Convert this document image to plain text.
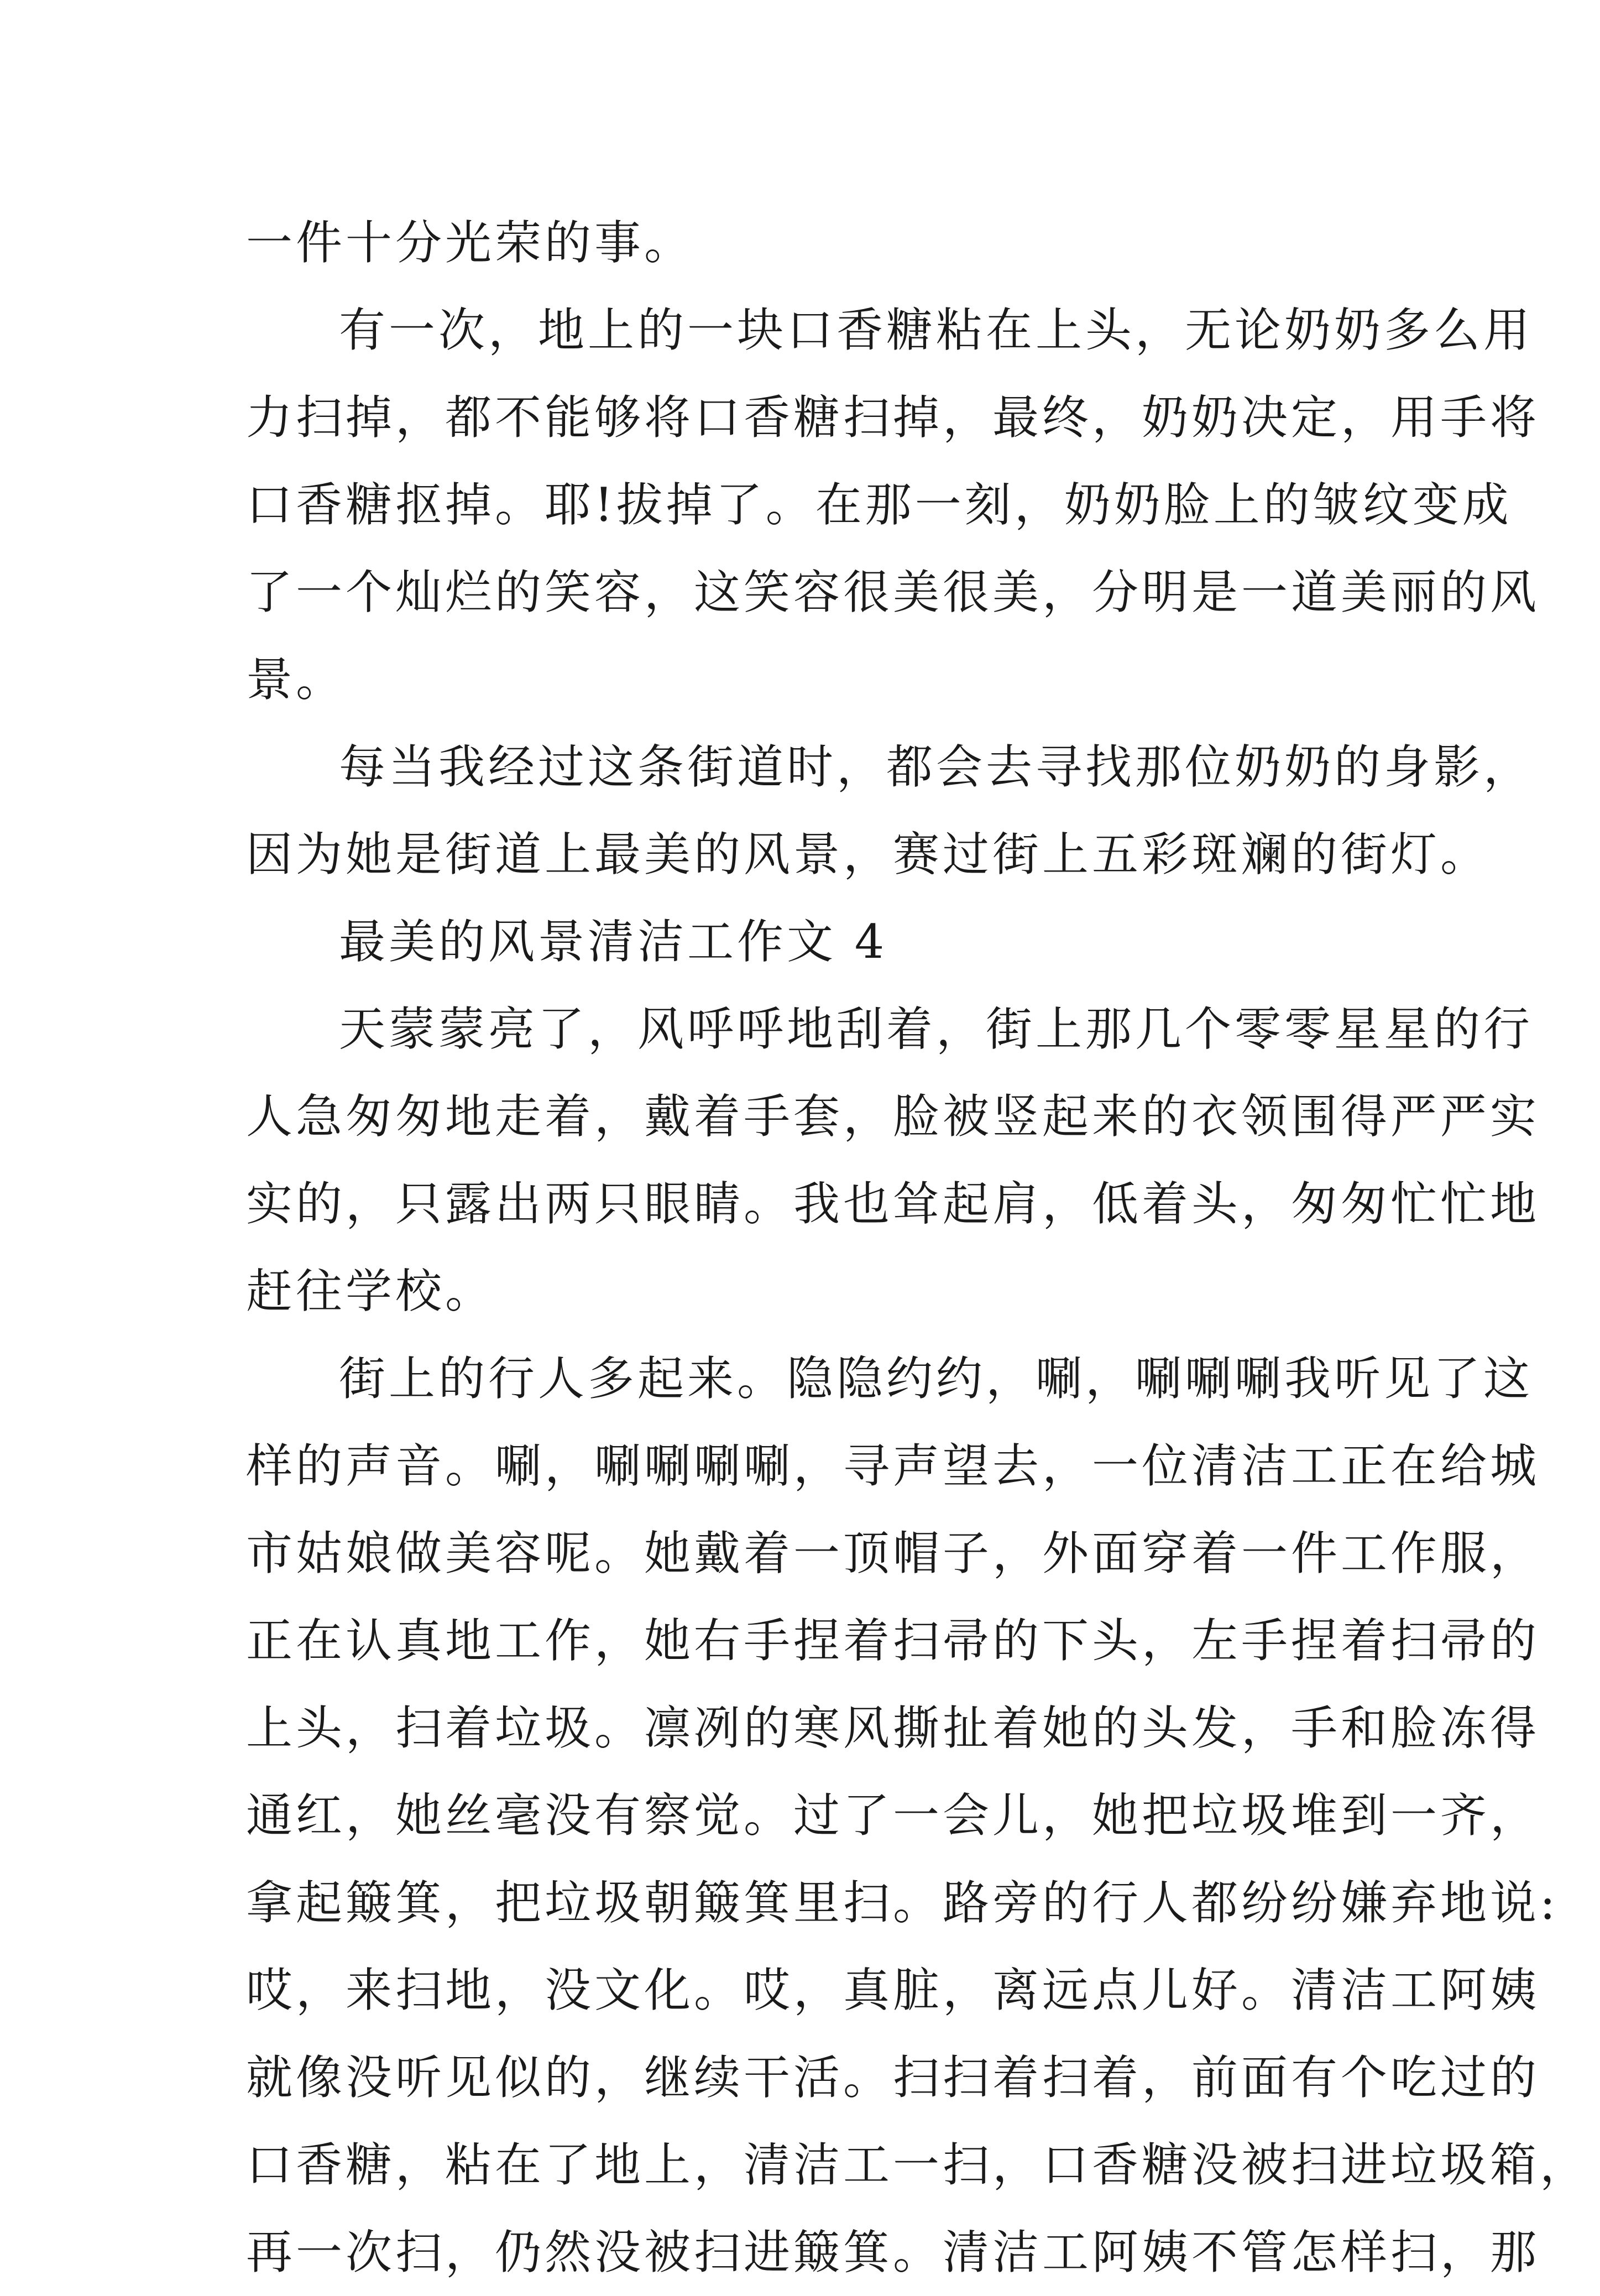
一件十分光荣的事。
有一次，地上的一块口香糖粘在上头，无论奶奶多么用
力扫掉，都不能够将口香糖扫掉，最终，奶奶决定，用手将
口香糖抠掉。耶!拔掉了。在那一刻，奶奶脸上的皱纹变成
了一个灿烂的笑容，这笑容很美很美，分明是一道美丽的风
景。
每当我经过这条街道时，都会去寻找那位奶奶的身影，
因为她是街道上最美的风景，赛过街上五彩斑斓的街灯。
最美的风景清洁工作文 4
天蒙蒙亮了，风呼呼地刮着，街上那几个零零星星的行
人急匆匆地走着，戴着手套，脸被竖起来的衣领围得严严实
实的，只露出两只眼睛。我也耸起肩，低着头，匆匆忙忙地
赶往学校。
街上的行人多起来。隐隐约约，唰，唰唰唰我听见了这
样的声音。唰，唰唰唰唰，寻声望去，一位清洁工正在给城
市姑娘做美容呢。她戴着一顶帽子，外面穿着一件工作服，
正在认真地工作，她右手捏着扫帚的下头，左手捏着扫帚的
上头，扫着垃圾。凛冽的寒风撕扯着她的头发，手和脸冻得
通红，她丝毫没有察觉。过了一会儿，她把垃圾堆到一齐，
拿起簸箕，把垃圾朝簸箕里扫。路旁的行人都纷纷嫌弃地说:
哎，来扫地，没文化。哎，真脏，离远点儿好。清洁工阿姨
就像没听见似的，继续干活。扫扫着扫着，前面有个吃过的
口香糖，粘在了地上，清洁工一扫，口香糖没被扫进垃圾箱，
再一次扫，仍然没被扫进簸箕。清洁工阿姨不管怎样扫，那
